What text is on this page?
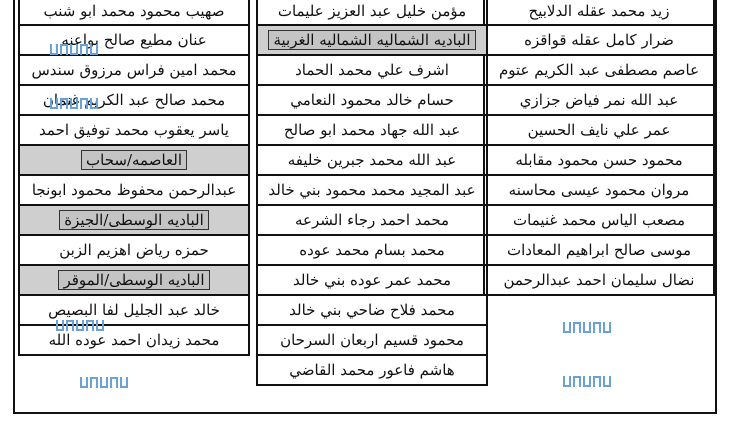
زيد محمد عقله الدلابيح
ضرار كامل عقله قواقزه
عاصم مصطفى عبد الكريم عتوم
عبد الله نمر فياض جزازي
عمر علي نايف الحسين
محمود حسن محمود مقابله
مروان محمود عيسى محاسنه
مصعب الياس محمد غنيمات
موسى صالح ابراهيم المعادات
نضال سليمان احمد عبدالرحمن
مؤمن خليل عبد العزيز عليمات
الباديه الشماليه الشماليه الغربية
اشرف علي محمد الحماد
حسام خالد محمود النعامي
عبد الله جهاد محمد ابو صالح
عبد الله محمد جبرين خليفه
عبد المجيد محمد محمود بني خالد
محمد احمد رجاء الشرعه
محمد بسام محمد عوده
محمد عمر عوده بني خالد
محمد فلاح ضاحي بني خالد
محمود قسيم اربعان السرحان
هاشم فاعور محمد القاضي
صهيب محمود محمد ابو شنب
عنان مطيع صالح بواعنه
محمد امين فراس مرزوق سندس
محمد صالح عبد الكريم غنمان
ياسر يعقوب محمد توفيق احمد
العاصمه/سحاب
عبدالرحمن محفوظ محمود ابونجا
الباديه الوسطى/الجيزة
حمزه رياض اهزيم الزبن
الباديه الوسطى/الموقر
خالد عبد الجليل لفا البصيص
محمد زيدان احمد عوده الله
